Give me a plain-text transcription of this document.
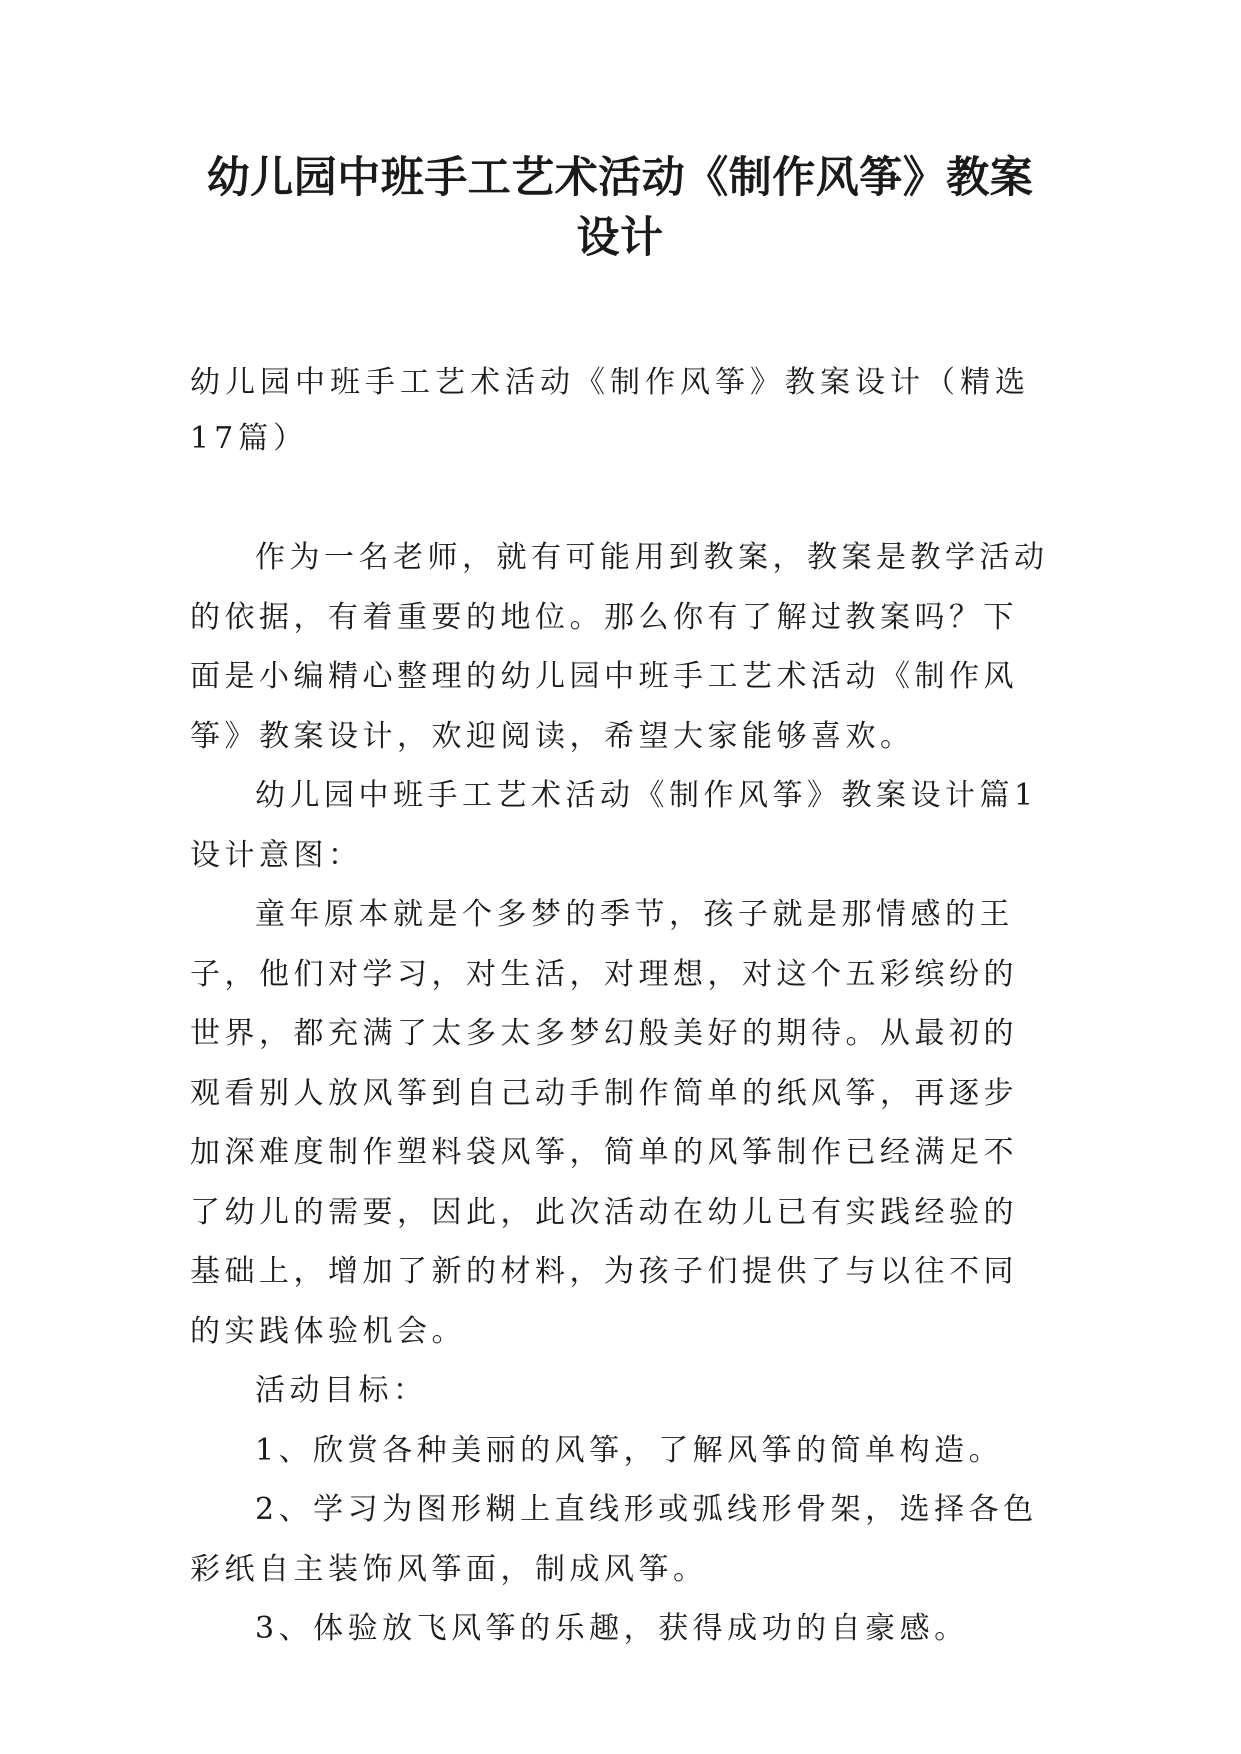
幼儿园中班手工艺术活动《制作风筝》教案设计

幼儿园中班手工艺术活动《制作风筝》教案设计（精选17篇）

作为一名老师，就有可能用到教案，教案是教学活动的依据，有着重要的地位。那么你有了解过教案吗？下面是小编精心整理的幼儿园中班手工艺术活动《制作风筝》教案设计，欢迎阅读，希望大家能够喜欢。

幼儿园中班手工艺术活动《制作风筝》教案设计篇1

设计意图：

童年原本就是个多梦的季节，孩子就是那情感的王子，他们对学习，对生活，对理想，对这个五彩缤纷的世界，都充满了太多太多梦幻般美好的期待。从最初的观看别人放风筝到自己动手制作简单的纸风筝，再逐步加深难度制作塑料袋风筝，简单的风筝制作已经满足不了幼儿的需要，因此，此次活动在幼儿已有实践经验的基础上，增加了新的材料，为孩子们提供了与以往不同的实践体验机会。

活动目标：

1、欣赏各种美丽的风筝，了解风筝的简单构造。

2、学习为图形糊上直线形或弧线形骨架，选择各色彩纸自主装饰风筝面，制成风筝。

3、体验放飞风筝的乐趣，获得成功的自豪感。
